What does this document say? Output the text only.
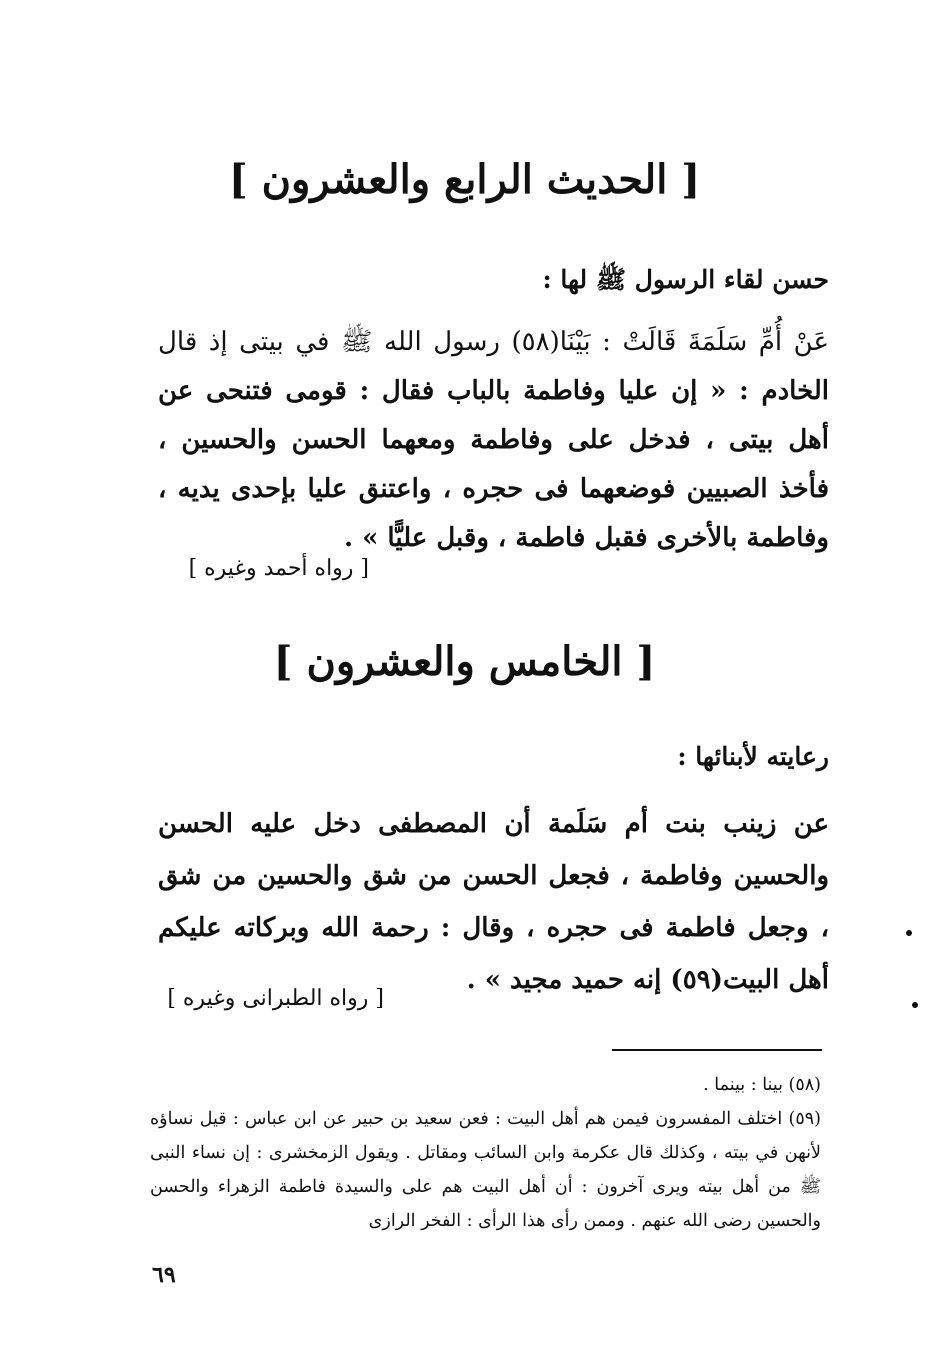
[ الحديث الرابع والعشرون ]
حسن لقاء الرسول ﷺ لها :
عَنْ أُمِّ سَلَمَةَ قَالَتْ : بَيْنَا(٥٨) رسول الله ﷺ في بيتى إذ قال الخادم : « إن عليا وفاطمة بالباب فقال : قومى فتنحى عن أهل بيتى ، فدخل على وفاطمة ومعهما الحسن والحسين ، فأخذ الصبيين فوضعهما فى حجره ، واعتنق عليا بإحدى يديه ، وفاطمة بالأخرى فقبل فاطمة ، وقبل عليًّا » .
[ رواه أحمد وغيره ]
[ الخامس والعشرون ]
رعايته لأبنائها :
عن زينب بنت أم سَلَمة أن المصطفى دخل عليه الحسن والحسين وفاطمة ، فجعل الحسن من شق والحسين من شق ، وجعل فاطمة فى حجره ، وقال : رحمة الله وبركاته عليكم أهل البيت(٥٩) إنه حميد مجيد » .
[ رواه الطبرانى وغيره ]

(٥٨) بينا : بينما .

(٥٩) اختلف المفسرون فيمن هم أهل البيت : فعن سعيد بن حبير عن ابن عباس : قيل نساؤه لأنهن في بيته ، وكذلك قال عكرمة وابن السائب ومقاتل . ويقول الزمخشرى : إن نساء النبى ﷺ من أهل بيته ويرى آخرون : أن أهل البيت هم على والسيدة فاطمة الزهراء والحسن والحسين رضى الله عنهم . وممن رأى هذا الرأى : الفخر الرازى

٦٩
